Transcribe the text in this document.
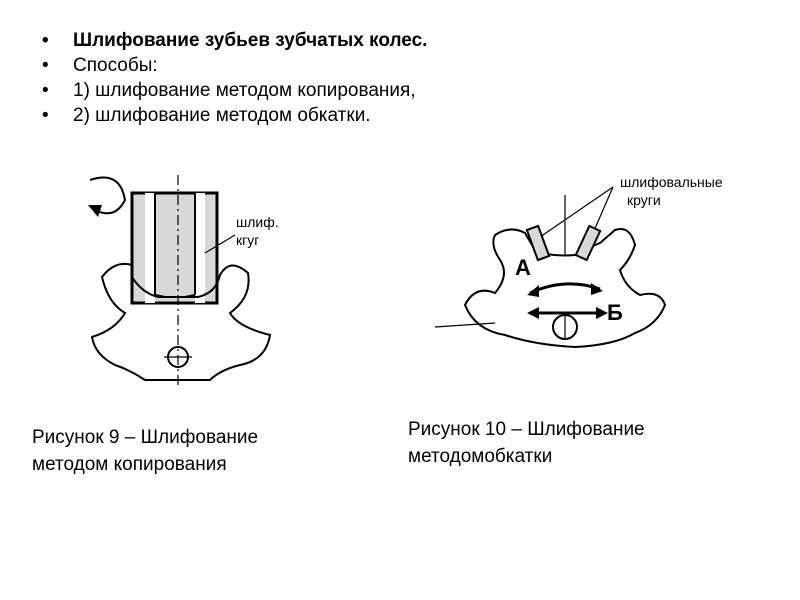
• Шлифование зубьев зубчатых колес.
• Способы:
• 1) шлифование методом копирования,
• 2) шлифование методом обкатки.
шлиф.
кгуг
шлифовальные
круги
А
Б
Рисунок 9 – Шлифование
методом копирования
Рисунок 10 – Шлифование
методомобкатки
